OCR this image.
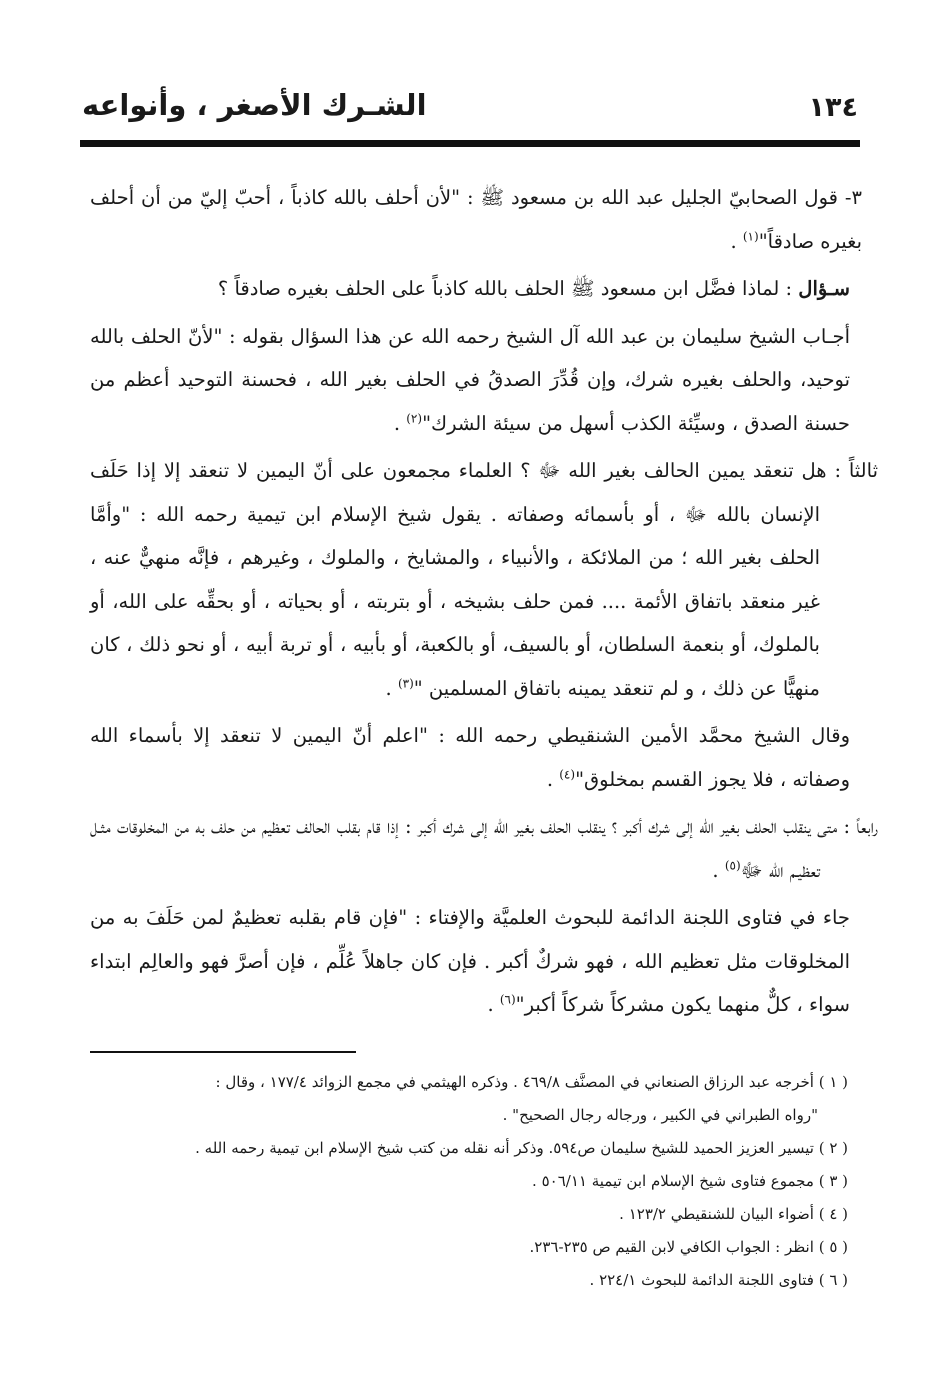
١٣٤
الشـرك الأصغر ، وأنواعه

٣- قول الصحابيّ الجليل عبد الله بن مسعود ﷺ : "لأن أحلف بالله كاذباً ، أحبّ إليّ من أن أحلف بغيره صادقاً"$^{(١)}$ .

سـؤال : لماذا فضَّل ابن مسعود ﷺ الحلف بالله كاذباً على الحلف بغيره صادقاً ؟

أجـاب الشيخ سليمان بن عبد الله آل الشيخ رحمه الله عن هذا السؤال بقوله : "لأنّ الحلف بالله توحيد، والحلف بغيره شرك، وإن قُدِّرَ الصدقُ في الحلف بغير الله ، فحسنة التوحيد أعظم من حسنة الصدق ، وسيِّئة الكذب أسهل من سيئة الشرك"$^{(٢)}$ .

ثالثاً : هل تنعقد يمين الحالف بغير الله ﷻ ؟ العلماء مجمعون على أنّ اليمين لا تنعقد إلا إذا حَلَف الإنسان بالله ﷻ ، أو بأسمائه وصفاته . يقول شيخ الإسلام ابن تيمية رحمه الله : "وأمَّا الحلف بغير الله ؛ من الملائكة ، والأنبياء ، والمشايخ ، والملوك ، وغيرهم ، فإنَّه منهيٌّ عنه ، غير منعقد باتفاق الأئمة .... فمن حلف بشيخه ، أو بتربته ، أو بحياته ، أو بحقِّه على الله، أو بالملوك، أو بنعمة السلطان، أو بالسيف، أو بالكعبة، أو بأبيه ، أو تربة أبيه ، أو نحو ذلك ، كان منهيًّا عن ذلك ، و لم تنعقد يمينه باتفاق المسلمين "$^{(٣)}$ .

وقال الشيخ محمَّد الأمين الشنقيطي رحمه الله : "اعلم أنّ اليمين لا تنعقد إلا بأسماء الله وصفاته ، فلا يجوز القسم بمخلوق"$^{(٤)}$ .

رابعاً : متى ينقلب الحلف بغير الله إلى شرك أكبر ؟ ينقلب الحلف بغير الله إلى شرك أكبر : إذا قام بقلب الحالف تعظيم من حلف به من المخلوقات مثـل تعظيـم الله ﷻ$^{(٥)}$ .

جاء في فتاوى اللجنة الدائمة للبحوث العلميَّة والإفتاء : "فإن قام بقلبه تعظيمٌ لمن حَلَفَ به من المخلوقات مثل تعظيم الله ، فهو شركٌ أكبر . فإن كان جاهلاً عُلِّم ، فإن أصرَّ فهو والعالِم ابتداء سواء ، كلٌّ منهما يكون مشركاً شركاً أكبر"$^{(٦)}$ .

( ١ ) أخرجه عبد الرزاق الصنعاني في المصنَّف ٤٦٩/٨ . وذكره الهيثمي في مجمع الزوائد ١٧٧/٤ ، وقال :

"رواه الطبراني في الكبير ، ورجاله رجال الصحيح" .

( ٢ ) تيسير العزيز الحميد للشيخ سليمان ص٥٩٤. وذكر أنه نقله من كتب شيخ الإسلام ابن تيمية رحمه الله .

( ٣ ) مجموع فتاوى شيخ الإسلام ابن تيمية ٥٠٦/١١ .

( ٤ ) أضواء البيان للشنقيطي ١٢٣/٢ .

( ٥ ) انظر : الجواب الكافي لابن القيم ص ٢٣٥-٢٣٦.

( ٦ ) فتاوى اللجنة الدائمة للبحوث ٢٢٤/١ .
